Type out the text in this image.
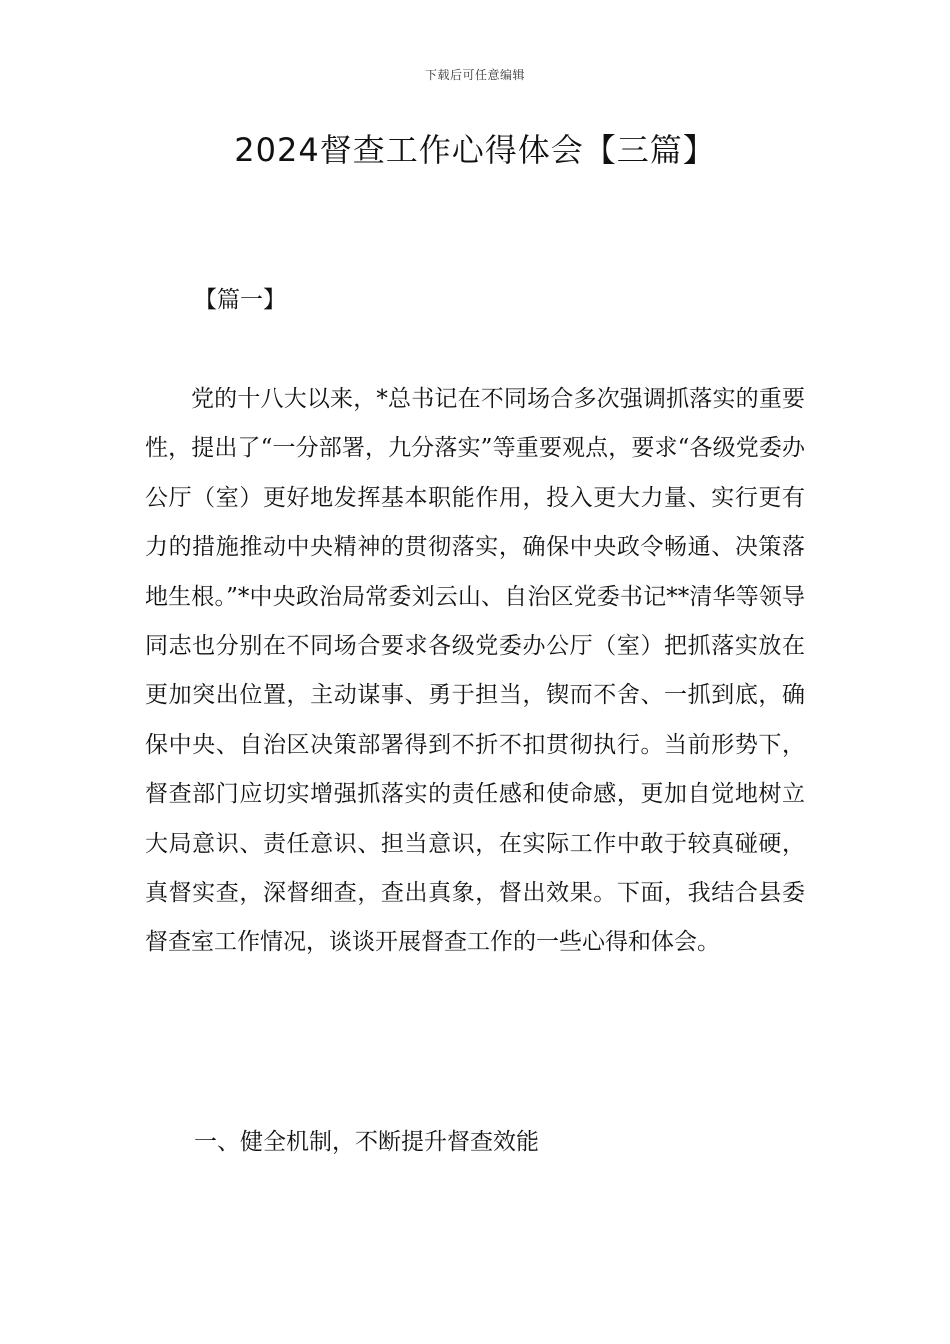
下载后可任意编辑
2024督查工作心得体会【三篇】
【篇一】

党的十八大以来，*总书记在不同场合多次强调抓落实的重要性，提出了“一分部署，九分落实”等重要观点，要求“各级党委办公厅（室）更好地发挥基本职能作用，投入更大力量、实行更有力的措施推动中央精神的贯彻落实，确保中央政令畅通、决策落地生根。”*中央政治局常委刘云山、自治区党委书记**清华等领导同志也分别在不同场合要求各级党委办公厅（室）把抓落实放在更加突出位置，主动谋事、勇于担当，锲而不舍、一抓到底，确保中央、自治区决策部署得到不折不扣贯彻执行。当前形势下，督查部门应切实增强抓落实的责任感和使命感，更加自觉地树立大局意识、责任意识、担当意识，在实际工作中敢于较真碰硬，真督实查，深督细查，查出真象，督出效果。下面，我结合县委督查室工作情况，谈谈开展督查工作的一些心得和体会。

一、健全机制，不断提升督查效能
